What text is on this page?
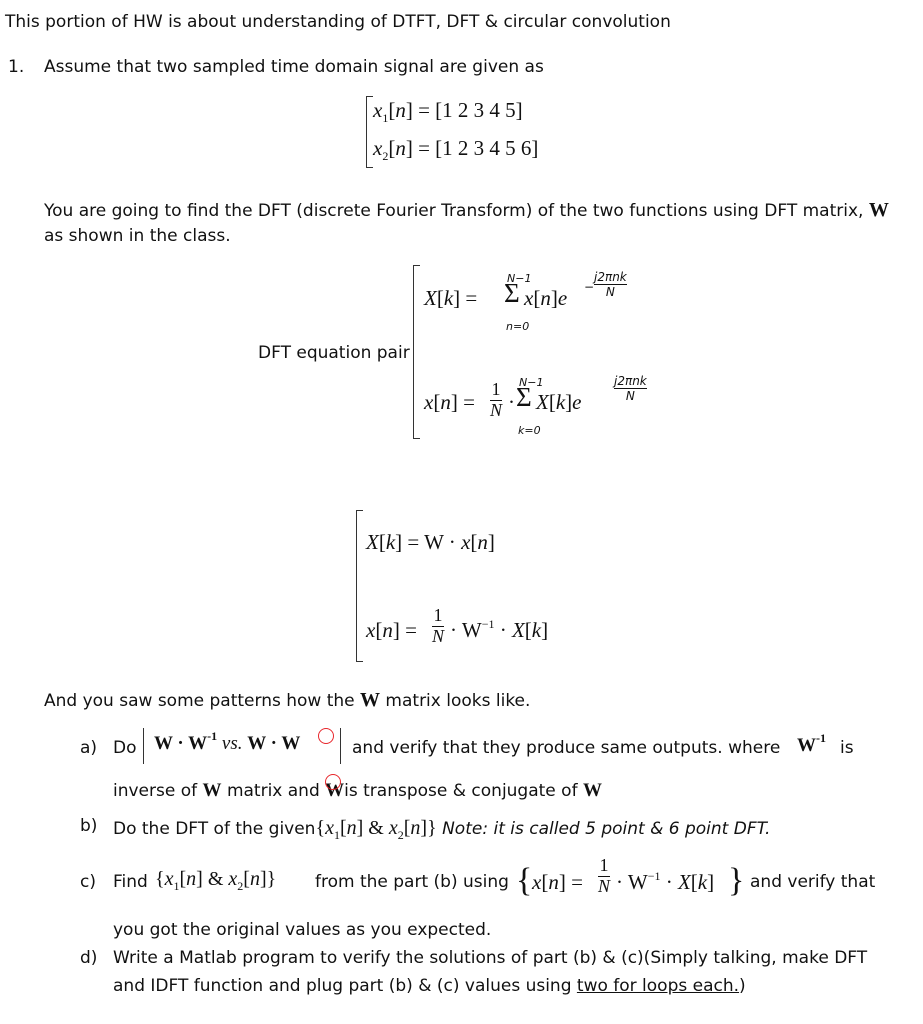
This portion of HW is about understanding of DTFT, DFT & circular convolution
1. Assume that two sampled time domain signal are given as
$x_1[n] = [1$ 2 3 4 5]
$x_2[n] = [1$ 2 3 4 5 6]
You are going to find the DFT (discrete Fourier Transform) of the two functions using DFT matrix, W
as shown in the class.
DFT equation pair
X[k] = Σ
N−1
n=0
x[n]e −
j2πnk
N
x[n] =
1
N · Σ
N−1
k=0
X[k]e
j2πnk
N
X[k] = W · x[n]
x[n] =
1
$N \cdot W^{-1} \cdot X[k]$
And you saw some patterns how the W matrix looks like.
a) Do $W \cdot W^{-1}$ vs. W · W	and verify that they produce same outputs. where $W^{-1}$ is
inverse of W matrix and Wis transpose & conjugate of W
b) Do the DFT of the $given\{x_1[n]$ & $x_2[n]$} Note: it is called 5 point & 6 point DFT.
c) Find {$x_1[n]$ & $x_2[n]$} from the part (b) using { x[n] =
1
$N \cdot W^{-1} \cdot X[k]$ } and verify that
you got the original values as you expected.
d) Write a Matlab program to verify the solutions of part (b) & (c)(Simply talking, make DFT
and IDFT function and plug part (b) & (c) values using two for loops each.)
